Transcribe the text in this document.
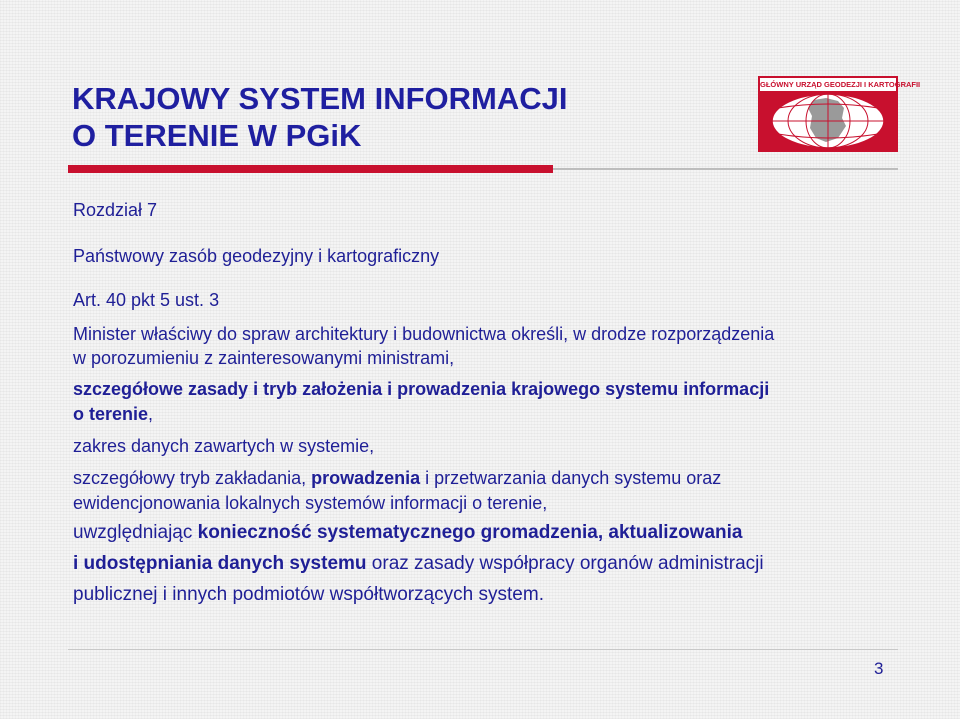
KRAJOWY SYSTEM INFORMACJI
O TERENIE W PGiK
GŁÓWNY URZĄD GEODEZJI I KARTOGRAFII
Rozdział 7
Państwowy zasób geodezyjny i kartograficzny
Art. 40 pkt 5 ust. 3
Minister właściwy do spraw architektury i budownictwa określi, w drodze rozporządzenia
w porozumieniu z zainteresowanymi ministrami,
szczegółowe zasady i tryb założenia i prowadzenia krajowego systemu informacji
o terenie,
zakres danych zawartych w systemie,
szczegółowy tryb zakładania, prowadzenia i przetwarzania danych systemu oraz
ewidencjonowania lokalnych systemów informacji o terenie,
uwzględniając konieczność systematycznego gromadzenia, aktualizowania
i udostępniania danych systemu oraz zasady współpracy organów administracji
publicznej i innych podmiotów współtworzących system.
3
